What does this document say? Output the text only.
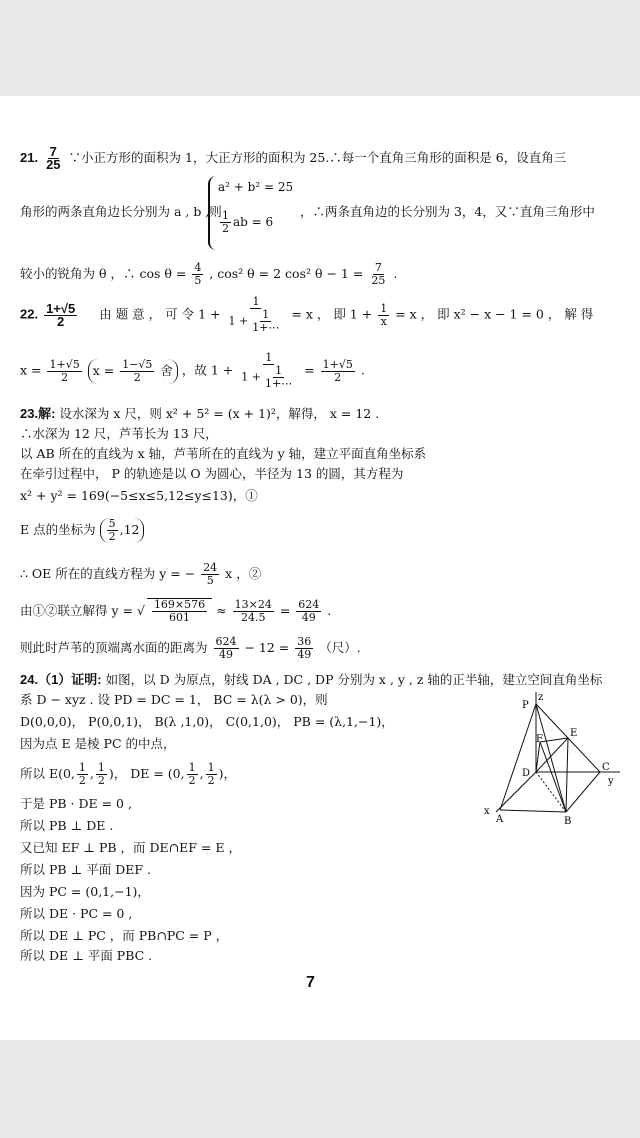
21. $\frac{7}{25}$ ∵小正方形的面积为 1，大正方形的面积为 25.∴每一个直角三角形的面积是 6，设直角三
角形的两条直角边长分别为 a , b ,则
a² + b² = 25
$\frac{1}{2}$ ab = 6
，∴两条直角边的长分别为 3，4，又∵直角三角形中
较小的锐角为 θ ，∴ $\cos \theta = \frac{4}{5}$ , cos² θ = 2 cos² $\theta - 1 = \frac{7}{25}$ .
22. $\frac{1+√5}{2}$ 由 题 意 ， 可 令 $1 + \frac{1}{1 + \frac{1}{1+\cdots}} = x$ ， 即 $1 + \frac{1}{x} = x$ ， 即 x² − x − 1 = 0 ， 解 得
$x = \frac{1+√5}{2}$ $x = \frac{1-√5}{2}$ 舍 ，故 $1 + \frac{1}{1 + \frac{1}{1+\cdots}} = \frac{1+√5}{2}$ .
23.解: 设水深为 x 尺，则 x² + 5² = (x + 1)²，解得， x = 12 .
∴水深为 12 尺，芦苇长为 13 尺，
以 AB 所在的直线为 x 轴，芦苇所在的直线为 y 轴，建立平面直角坐标系
在牵引过程中， P 的轨迹是以 O 为圆心，半径为 13 的圆，其方程为
x² + y² = 169(−5≤x≤5,12≤y≤13)，①
E 点的坐标为 $\frac{5}{2} ,12$
∴ OE 所在的直线方程为 y = − $\frac{24}{5}$ x ，②
由①②联立解得 y = √ $\frac{169\times 576}{601} \approx \frac{13\times 24}{24.5} = \frac{624}{49}$ .
则此时芦苇的顶端离水面的距离为 $\frac{624}{49} - 12 = \frac{36}{49}$ （尺）.
24.（1）证明: 如图，以 D 为原点，射线 DA , DC , DP 分别为 x , y , z 轴的正半轴，建立空间直角坐标
系 D − xyz . 设 PD = DC = 1， BC = λ(λ > 0)，则
D(0,0,0)， P(0,0,1)， B(λ ,1,0)， C(0,1,0)， PB = (λ,1,−1)，
因为点 E 是棱 PC 的中点，
所以 E(0, $\frac{1}{2}$ , $\frac{1}{2}$ )， DE = (0, $\frac{1}{2}$ , $\frac{1}{2}$ )，
于是 PB · DE = 0 ,
所以 PB ⊥ DE .
又已知 EF ⊥ PB ，而 DE∩EF = E ，
所以 PB ⊥ 平面 DEF .
因为 PC = (0,1,−1)，
所以 DE · PC = 0 ,
所以 DE ⊥ PC ，而 PB∩PC = P ，
所以 DE ⊥ 平面 PBC .
z
P
E
F
D
C
y
x
A	B
7
